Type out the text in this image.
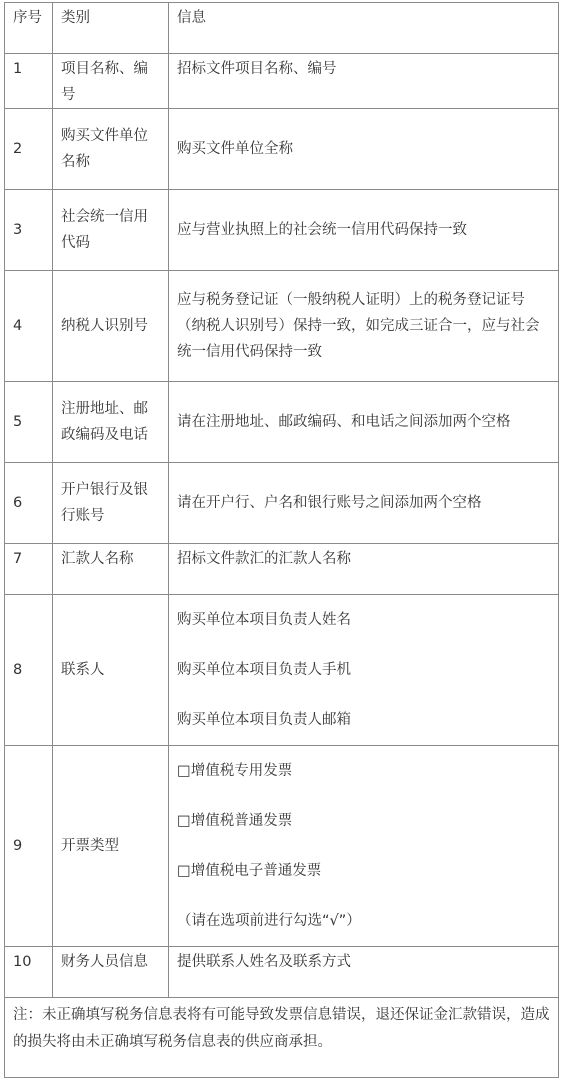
序号	类别	信息
1	项目名称、编号	招标文件项目名称、编号
2	购买文件单位名称	购买文件单位全称
3	社会统一信用代码	应与营业执照上的社会统一信用代码保持一致
4	纳税人识别号	应与税务登记证（一般纳税人证明）上的税务登记证号（纳税人识别号）保持一致，如完成三证合一，应与社会统一信用代码保持一致
5	注册地址、邮政编码及电话	请在注册地址、邮政编码、和电话之间添加两个空格
6	开户银行及银行账号	请在开户行、户名和银行账号之间添加两个空格
7	汇款人名称	招标文件款汇的汇款人名称
8	联系人	购买单位本项目负责人姓名

购买单位本项目负责人手机

购买单位本项目负责人邮箱

9	开票类型	□增值税专用发票

□增值税普通发票

□增值税电子普通发票

（请在选项前进行勾选“√”）

10	财务人员信息	提供联系人姓名及联系方式
注：未正确填写税务信息表将有可能导致发票信息错误，退还保证金汇款错误，造成的损失将由未正确填写税务信息表的供应商承担。		
